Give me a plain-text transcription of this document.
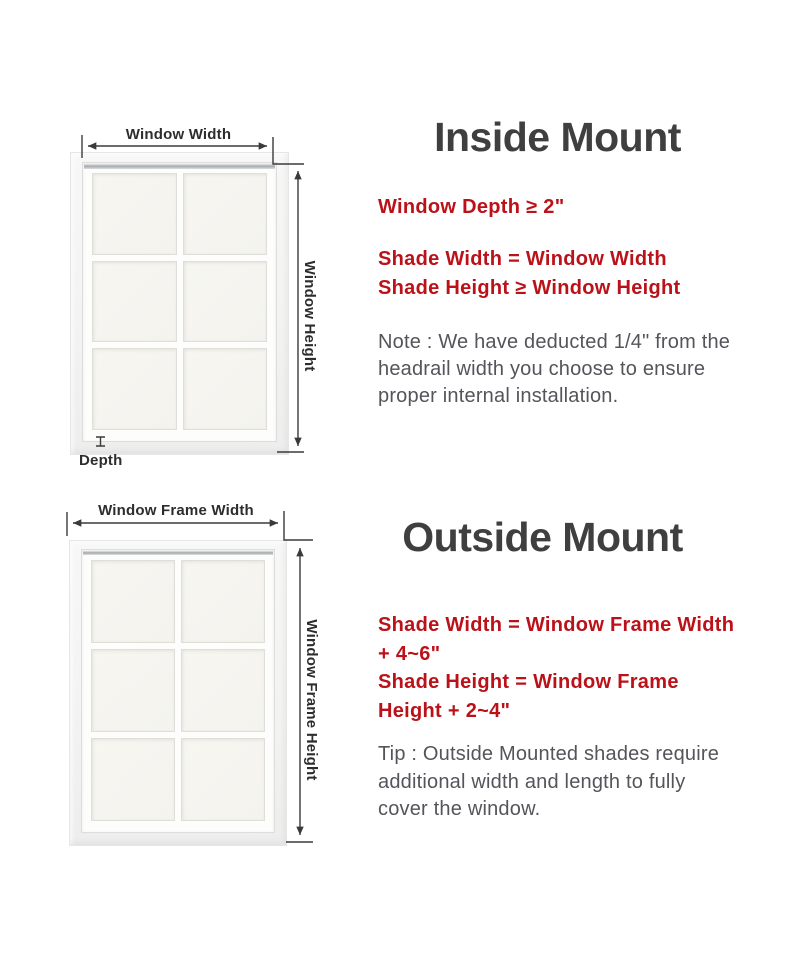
Window Width
Window Height
Depth
Inside Mount
Window Depth ≥ 2"
Shade Width = Window Width
Shade Height ≥ Window Height
Note : We have deducted 1/4" from the
headrail width you choose to ensure
proper internal installation.
Window Frame Width
Window Frame Height
Outside Mount
Shade Width = Window Frame Width
+ 4~6"
Shade Height = Window Frame
Height + 2~4"
Tip : Outside Mounted shades require
additional width and length to fully
cover the window.
